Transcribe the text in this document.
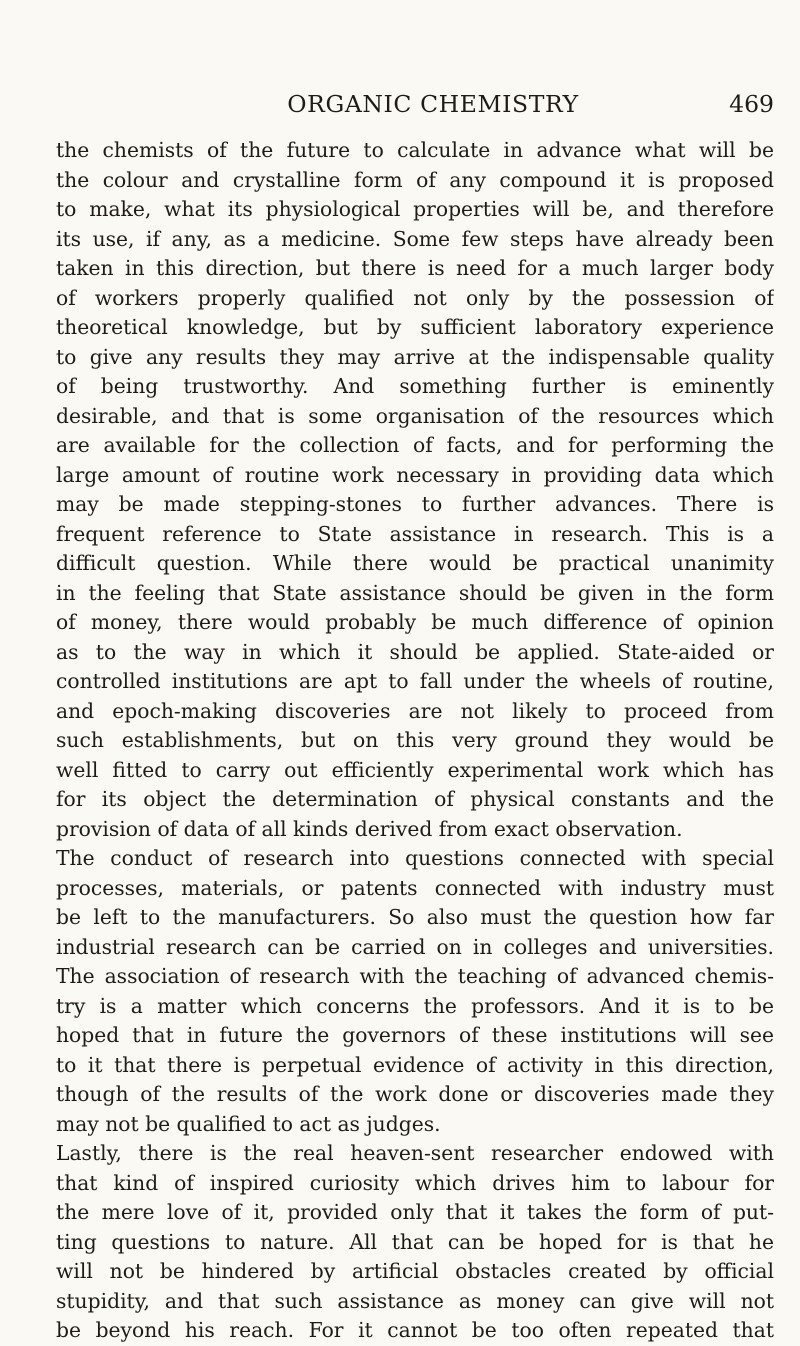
ORGANIC CHEMISTRY	469
the chemists of the future to calculate in advance what will be
the colour and crystalline form of any compound it is proposed
to make, what its physiological properties will be, and therefore
its use, if any, as a medicine. Some few steps have already been
taken in this direction, but there is need for a much larger body
of workers properly qualified not only by the possession of
theoretical knowledge, but by sufficient laboratory experience
to give any results they may arrive at the indispensable quality
of being trustworthy. And something further is eminently
desirable, and that is some organisation of the resources which
are available for the collection of facts, and for performing the
large amount of routine work necessary in providing data which
may be made stepping-stones to further advances. There is
frequent reference to State assistance in research. This is a
difficult question. While there would be practical unanimity
in the feeling that State assistance should be given in the form
of money, there would probably be much difference of opinion
as to the way in which it should be applied. State-aided or
controlled institutions are apt to fall under the wheels of routine,
and epoch-making discoveries are not likely to proceed from
such establishments, but on this very ground they would be
well fitted to carry out efficiently experimental work which has
for its object the determination of physical constants and the
provision of data of all kinds derived from exact observation.
The conduct of research into questions connected with special
processes, materials, or patents connected with industry must
be left to the manufacturers. So also must the question how far
industrial research can be carried on in colleges and universities.
The association of research with the teaching of advanced chemis-
try is a matter which concerns the professors. And it is to be
hoped that in future the governors of these institutions will see
to it that there is perpetual evidence of activity in this direction,
though of the results of the work done or discoveries made they
may not be qualified to act as judges.
Lastly, there is the real heaven-sent researcher endowed with
that kind of inspired curiosity which drives him to labour for
the mere love of it, provided only that it takes the form of put-
ting questions to nature. All that can be hoped for is that he
will not be hindered by artificial obstacles created by official
stupidity, and that such assistance as money can give will not
be beyond his reach. For it cannot be too often repeated that
